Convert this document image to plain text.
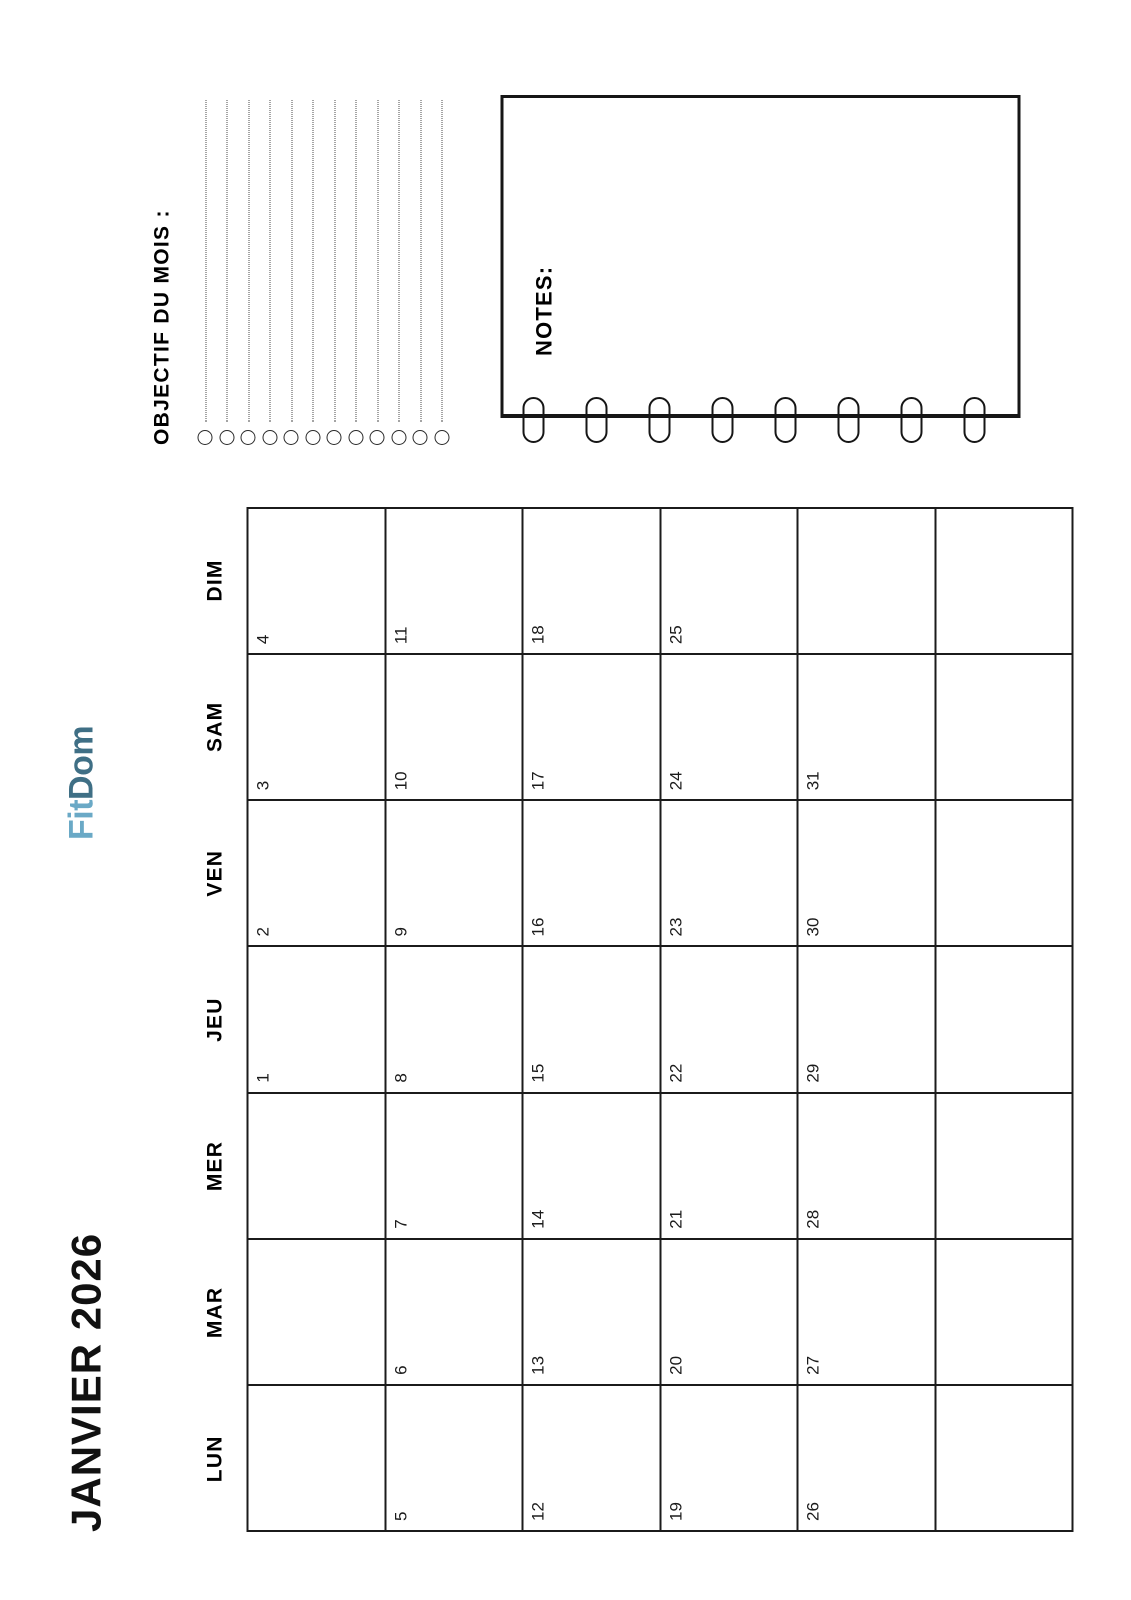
JANVIER 2026
FitDom
LUN
MAR
MER
JEU
VEN
SAM
DIM
1
2
3
4
5
6
7
8
9
10
11
12
13
14
15
16
17
18
19
20
21
22
23
24
25
26
27
28
29
30
31
OBJECTIF DU MOIS :	NOTES:
